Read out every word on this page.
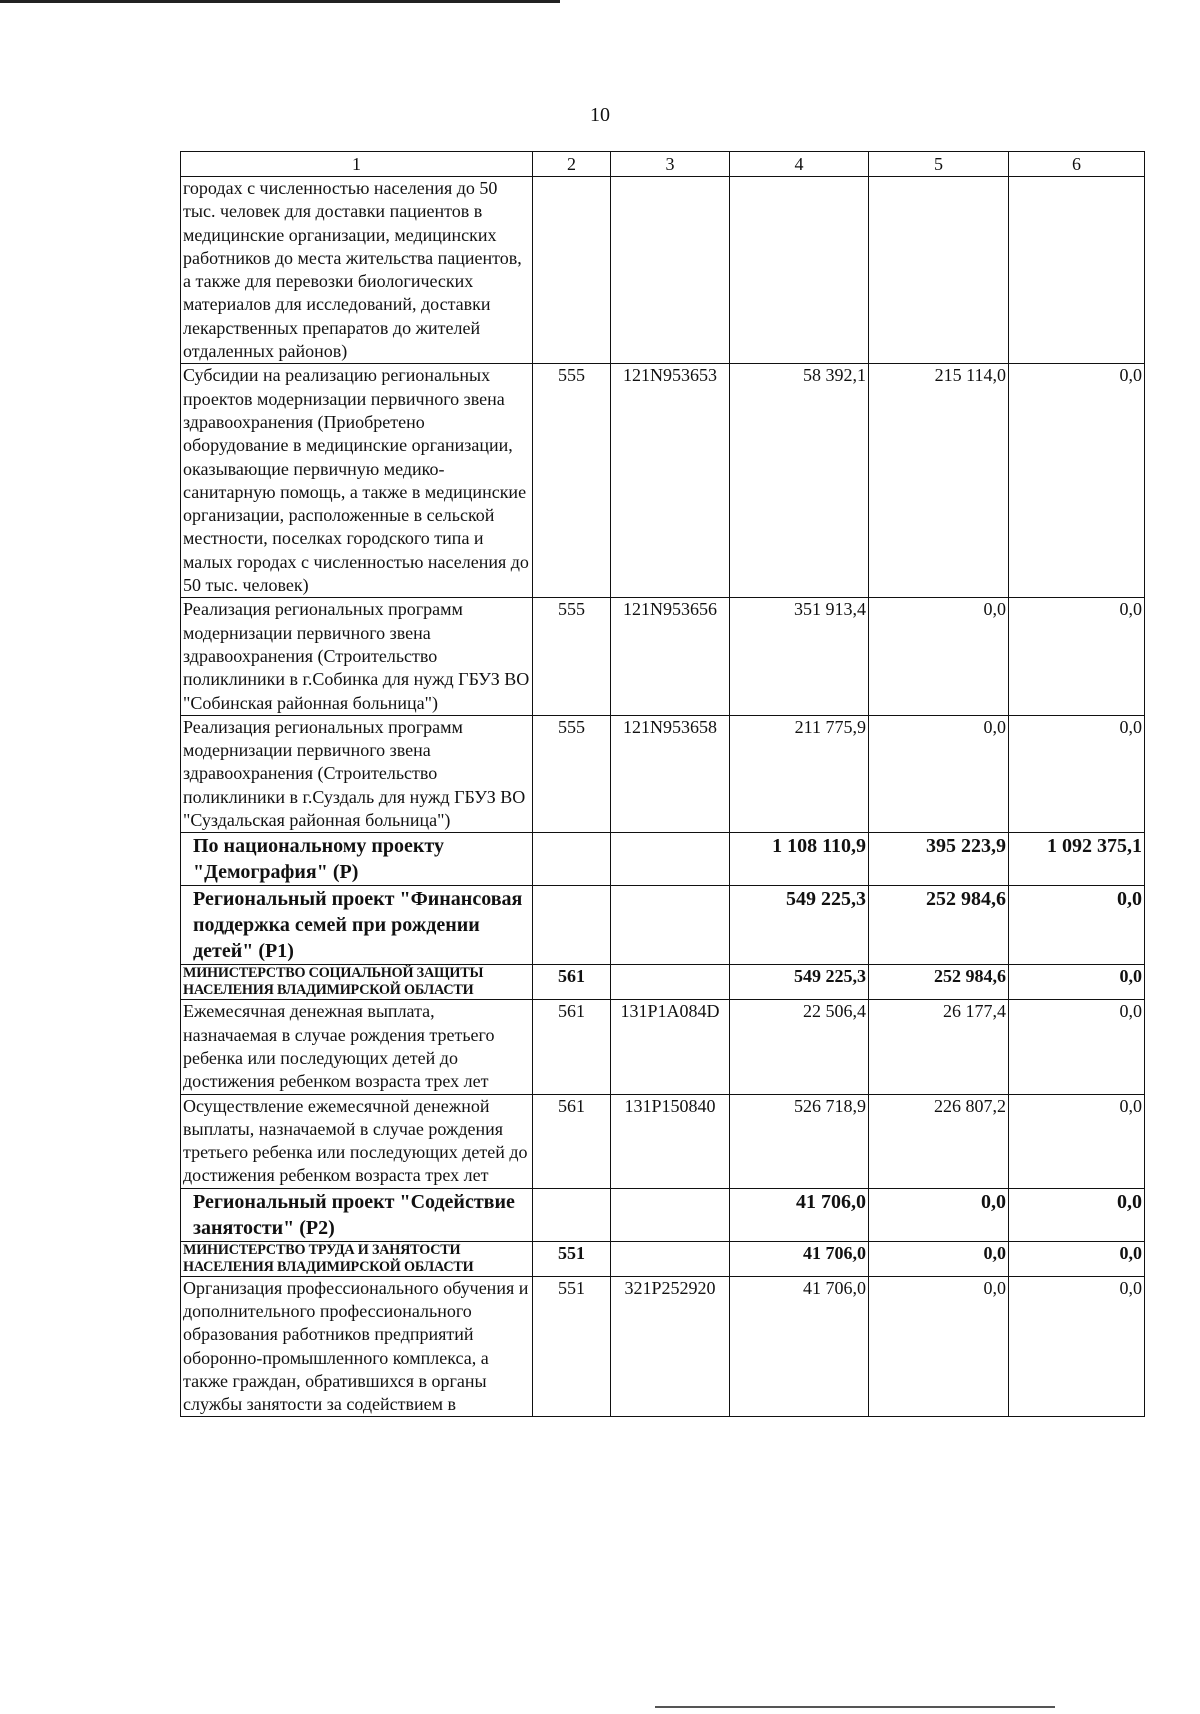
10
1	2	3	4	5	6
городах с численностью населения до 50 тыс. человек для доставки пациентов в медицинские организации, медицинских работников до места жительства пациентов, а также для перевозки биологических материалов для исследований, доставки лекарственных препаратов до жителей отдаленных районов)					
Субсидии на реализацию региональных проектов модернизации первичного звена здравоохранения (Приобретено оборудование в медицинские организации, оказывающие первичную медико-санитарную помощь, а также в медицинские организации, расположенные в сельской местности, поселках городского типа и малых городах с численностью населения до 50 тыс. человек)	555	121N953653	58 392,1	215 114,0	0,0
Реализация региональных программ модернизации первичного звена здравоохранения (Строительство поликлиники в г.Собинка для нужд ГБУЗ ВО "Собинская районная больница")	555	121N953656	351 913,4	0,0	0,0
Реализация региональных программ модернизации первичного звена здравоохранения (Строительство поликлиники в г.Суздаль для нужд ГБУЗ ВО "Суздальская районная больница")	555	121N953658	211 775,9	0,0	0,0
По национальному проекту "Демография" (Р)			1 108 110,9	395 223,9	1 092 375,1
Региональный проект "Финансовая поддержка семей при рождении детей" (Р1)			549 225,3	252 984,6	0,0
МИНИСТЕРСТВО СОЦИАЛЬНОЙ ЗАЩИТЫ НАСЕЛЕНИЯ ВЛАДИМИРСКОЙ ОБЛАСТИ	561		549 225,3	252 984,6	0,0
Ежемесячная денежная выплата, назначаемая в случае рождения третьего ребенка или последующих детей до достижения ребенком возраста трех лет	561	131P1A084D	22 506,4	26 177,4	0,0
Осуществление ежемесячной денежной выплаты, назначаемой в случае рождения третьего ребенка или последующих детей до достижения ребенком возраста трех лет	561	131P150840	526 718,9	226 807,2	0,0
Региональный проект "Содействие занятости" (Р2)			41 706,0	0,0	0,0
МИНИСТЕРСТВО ТРУДА И ЗАНЯТОСТИ НАСЕЛЕНИЯ ВЛАДИМИРСКОЙ ОБЛАСТИ	551		41 706,0	0,0	0,0
Организация профессионального обучения и дополнительного профессионального образования работников предприятий оборонно-промышленного комплекса, а также граждан, обратившихся в органы службы занятости за содействием в	551	321P252920	41 706,0	0,0	0,0
